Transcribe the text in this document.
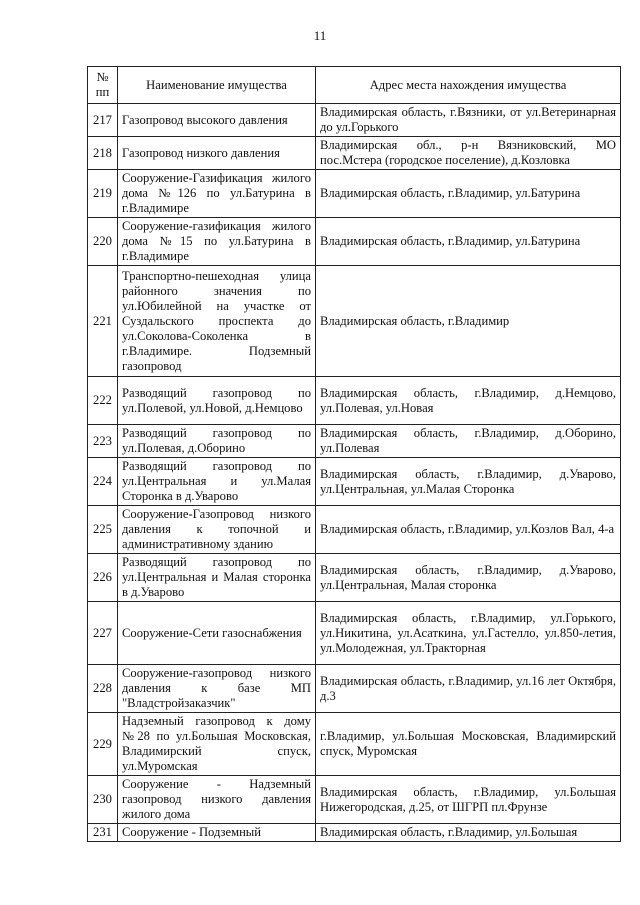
11
№ пп	Наименование имущества	Адрес места нахождения имущества
217	Газопровод высокого давления	Владимирская область, г.Вязники, от ул.Ветеринарная до ул.Горького
218	Газопровод низкого давления	Владимирская обл., р-н Вязниковский, МО пос.Мстера (городское поселение), д.Козловка
219	Сооружение-Газификация жилого дома №126 по ул.Батурина в г.Владимире	Владимирская область, г.Владимир, ул.Батурина
220	Сооружение-газификация жилого дома №15 по ул.Батурина в г.Владимире	Владимирская область, г.Владимир, ул.Батурина
221	Транспортно-пешеходная улица районного значения по ул.Юбилейной на участке от Суздальского проспекта до ул.Соколова-Соколенка в г.Владимире. Подземный газопровод	Владимирская область, г.Владимир
222	Разводящий газопровод по ул.Полевой, ул.Новой, д.Немцово	Владимирская область, г.Владимир, д.Немцово, ул.Полевая, ул.Новая
223	Разводящий газопровод по ул.Полевая, д.Оборино	Владимирская область, г.Владимир, д.Оборино, ул.Полевая
224	Разводящий газопровод по ул.Центральная и ул.Малая Сторонка в д.Уварово	Владимирская область, г.Владимир, д.Уварово, ул.Центральная, ул.Малая Сторонка
225	Сооружение-Газопровод низкого давления к топочной и административному зданию	Владимирская область, г.Владимир, ул.Козлов Вал, 4-а
226	Разводящий газопровод по ул.Центральная и Малая сторонка в д.Уварово	Владимирская область, г.Владимир, д.Уварово, ул.Центральная, Малая сторонка
227	Сооружение-Сети газоснабжения	Владимирская область, г.Владимир, ул.Горького, ул.Никитина, ул.Асаткина, ул.Гастелло, ул.850-летия, ул.Молодежная, ул.Тракторная
228	Сооружение-газопровод низкого давления к базе МП "Владстройзаказчик"	Владимирская область, г.Владимир, ул.16 лет Октября, д.3
229	Надземный газопровод к дому №28 по ул.Большая Московская, Владимирский спуск, ул.Муромская	г.Владимир, ул.Большая Московская, Владимирский спуск, Муромская
230	Сооружение - Надземный газопровод низкого давления жилого дома	Владимирская область, г.Владимир, ул.Большая Нижегородская, д.25, от ШГРП пл.Фрунзе
231	Сооружение - Подземный	Владимирская область, г.Владимир, ул.Большая
